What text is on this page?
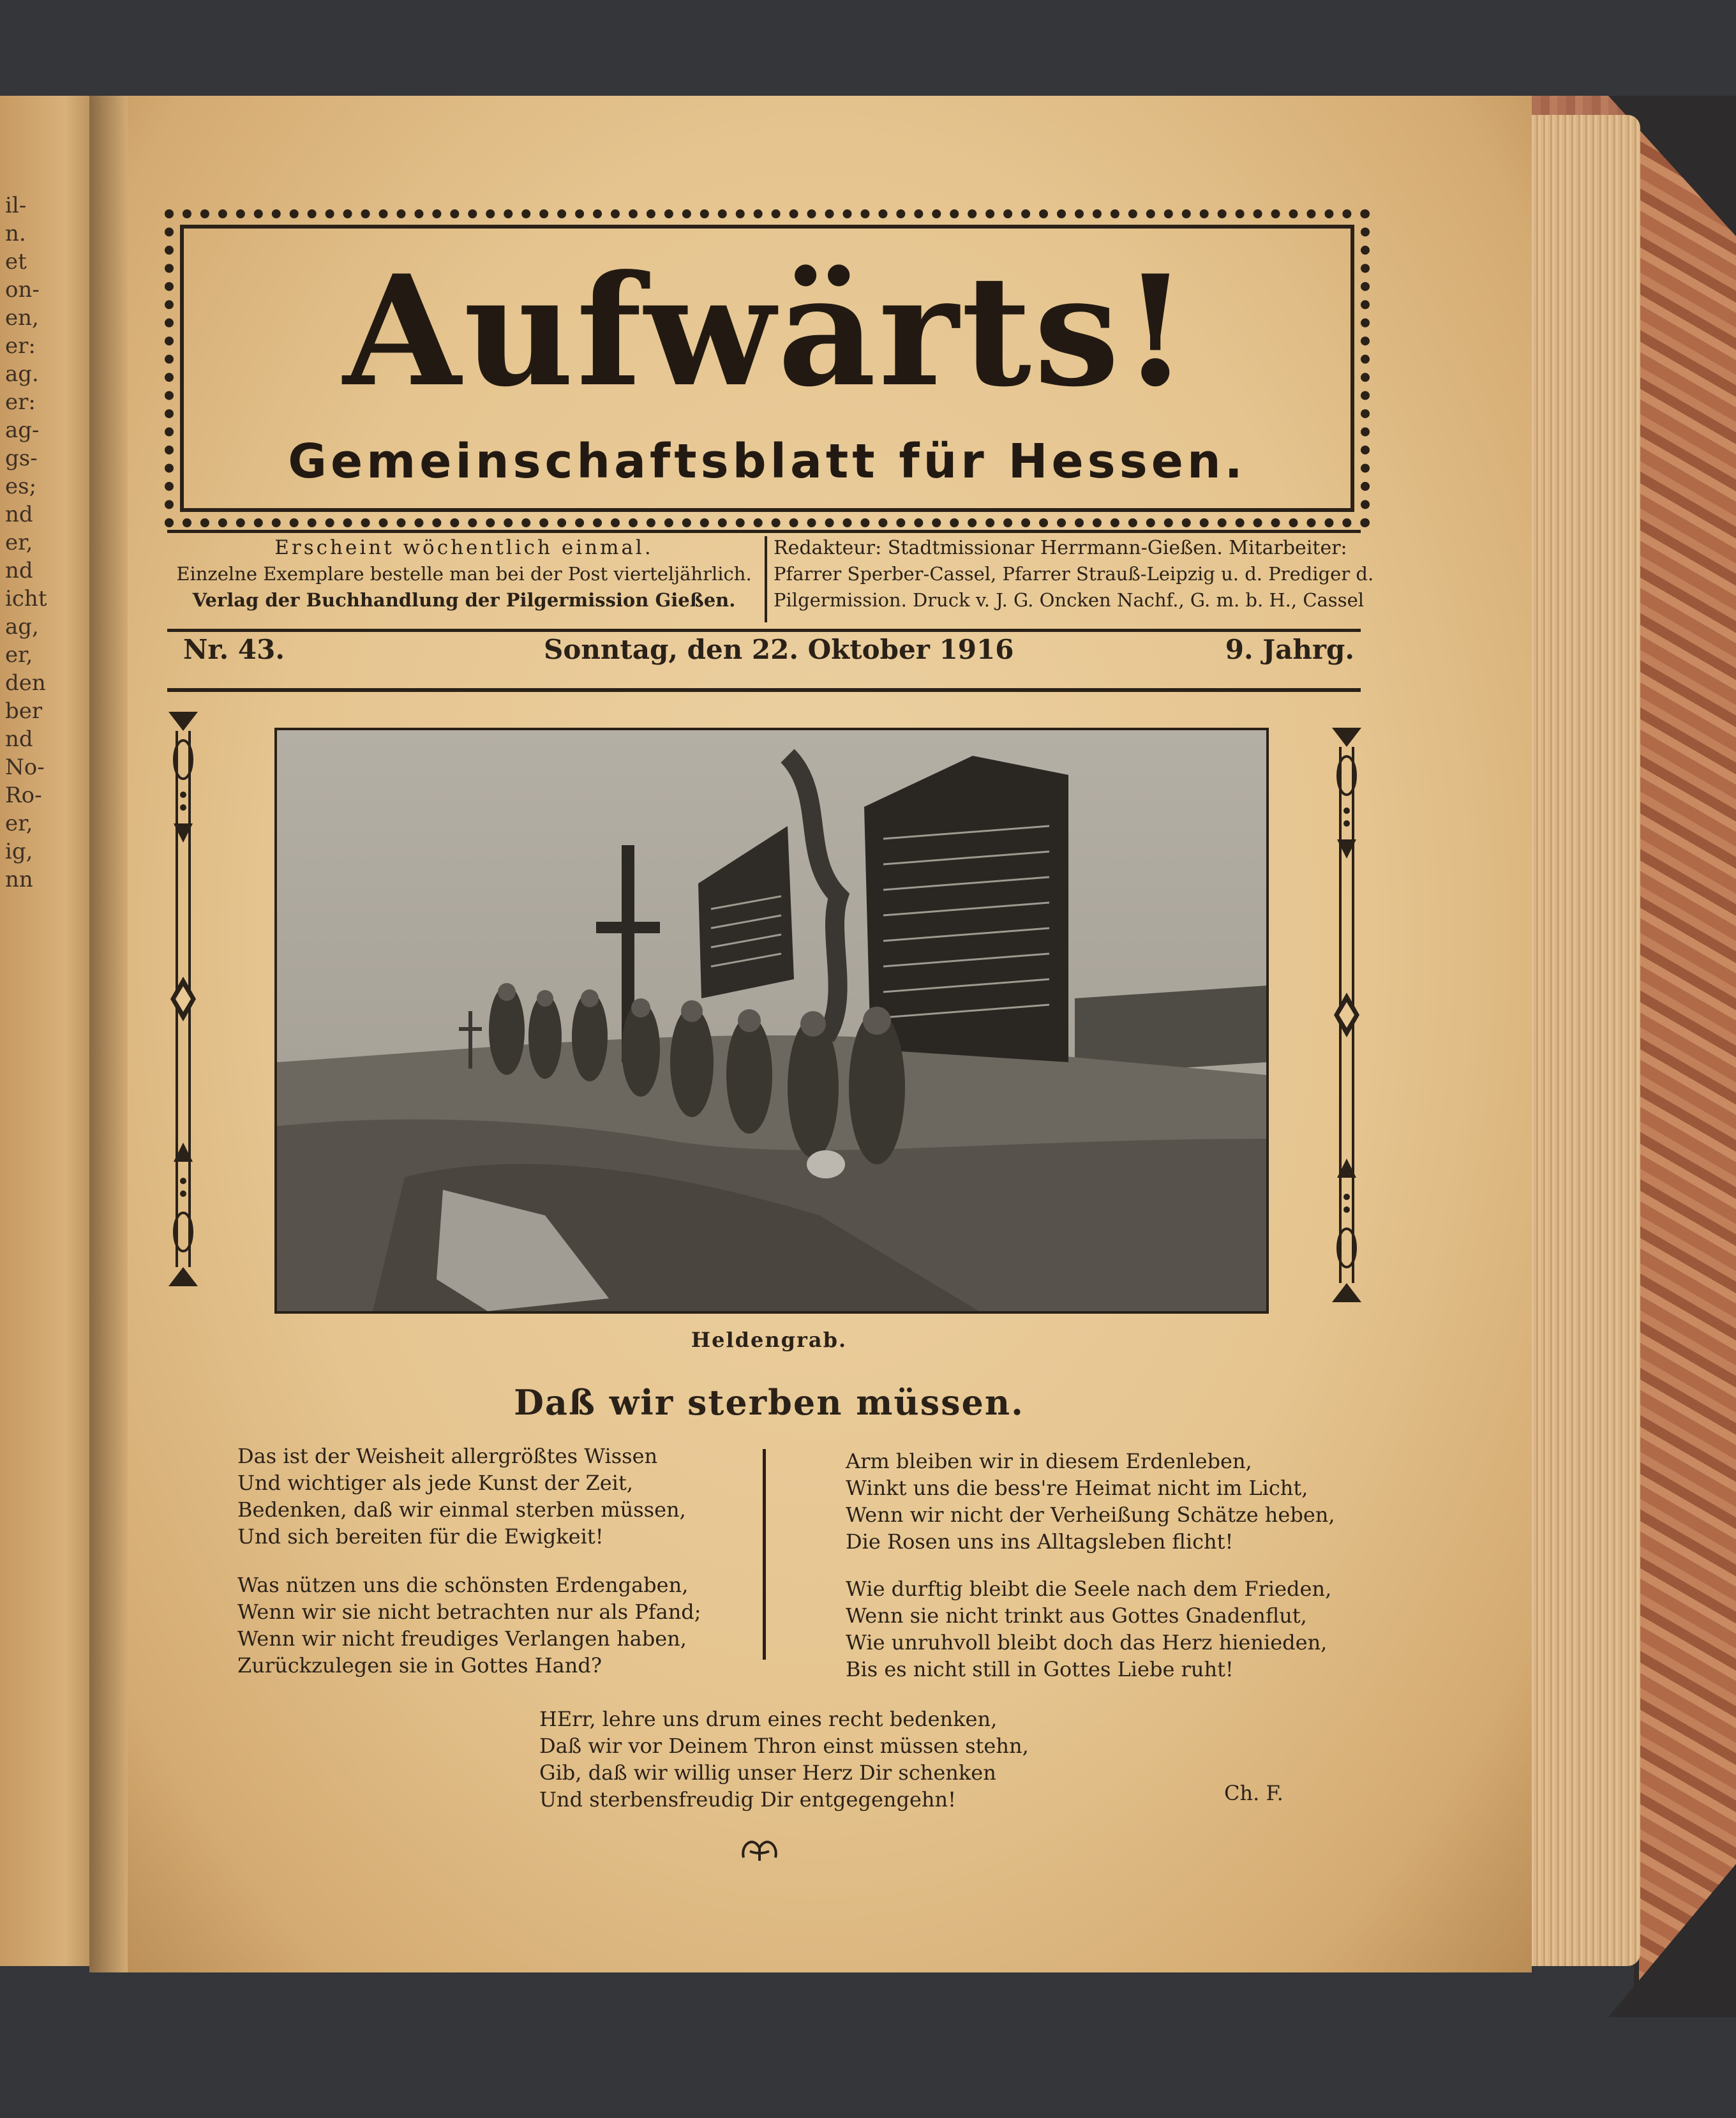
il-
n.
et
on-
en,
er:
ag.
er:
ag-
gs-
es;
nd
er,
nd
icht
ag,
er,
den
ber
nd
No-
Ro-
er,
ig,
nn
Aufwärts!
Gemeinschaftsblatt für Hessen.
Erscheint wöchentlich einmal.
Einzelne Exemplare bestelle man bei der Post vierteljährlich.
Verlag der Buchhandlung der Pilgermission Gießen.
Redakteur: Stadtmissionar Herrmann-Gießen. Mitarbeiter:
Pfarrer Sperber-Cassel, Pfarrer Strauß-Leipzig u. d. Prediger d.
Pilgermission. Druck v. J. G. Oncken Nachf., G. m. b. H., Cassel
Nr. 43.	Sonntag, den 22. Oktober 1916	9. Jahrg.
Heldengrab.
Daß wir sterben müssen.
Das ist der Weisheit allergrößtes Wissen
Und wichtiger als jede Kunst der Zeit,
Bedenken, daß wir einmal sterben müssen,
Und sich bereiten für die Ewigkeit!
Was nützen uns die schönsten Erdengaben,
Wenn wir sie nicht betrachten nur als Pfand;
Wenn wir nicht freudiges Verlangen haben,
Zurückzulegen sie in Gottes Hand?
Arm bleiben wir in diesem Erdenleben,
Winkt uns die bess're Heimat nicht im Licht,
Wenn wir nicht der Verheißung Schätze heben,
Die Rosen uns ins Alltagsleben flicht!
Wie durftig bleibt die Seele nach dem Frieden,
Wenn sie nicht trinkt aus Gottes Gnadenflut,
Wie unruhvoll bleibt doch das Herz hienieden,
Bis es nicht still in Gottes Liebe ruht!
HErr, lehre uns drum eines recht bedenken,
Daß wir vor Deinem Thron einst müssen stehn,
Gib, daß wir willig unser Herz Dir schenken
Und sterbensfreudig Dir entgegengehn!	Ch. F.
